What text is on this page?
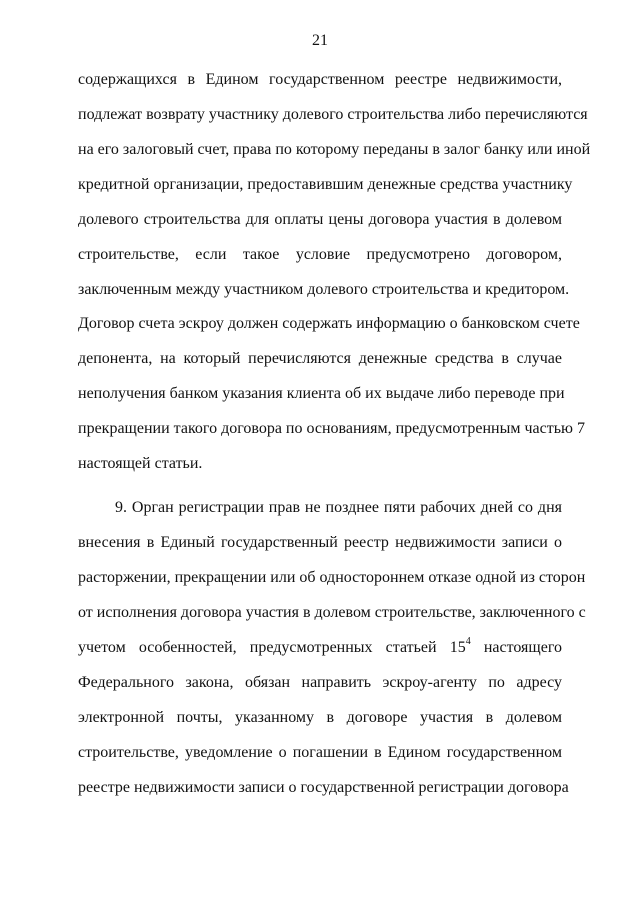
21
содержащихся в Едином государственном реестре недвижимости,
подлежат возврату участнику долевого строительства либо перечисляются
на его залоговый счет, права по которому переданы в залог банку или иной
кредитной организации, предоставившим денежные средства участнику
долевого строительства для оплаты цены договора участия в долевом
строительстве, если такое условие предусмотрено договором,
заключенным между участником долевого строительства и кредитором.
Договор счета эскроу должен содержать информацию о банковском счете
депонента, на который перечисляются денежные средства в случае
неполучения банком указания клиента об их выдаче либо переводе при
прекращении такого договора по основаниям, предусмотренным частью 7
настоящей статьи.
9. Орган регистрации прав не позднее пяти рабочих дней со дня
внесения в Единый государственный реестр недвижимости записи о
расторжении, прекращении или об одностороннем отказе одной из сторон
от исполнения договора участия в долевом строительстве, заключенного с
учетом особенностей, предусмотренных статьей $15^4$ настоящего
Федерального закона, обязан направить эскроу-агенту по адресу
электронной почты, указанному в договоре участия в долевом
строительстве, уведомление о погашении в Едином государственном
реестре недвижимости записи о государственной регистрации договора
